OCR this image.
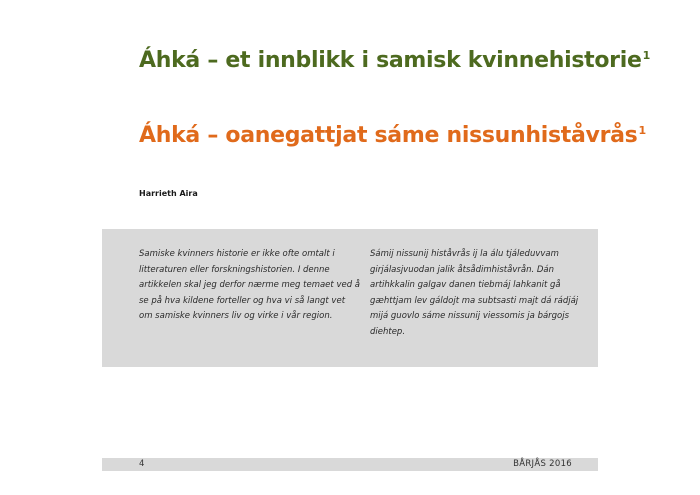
Áhká – et innblikk i samisk kvinnehistorie$^1$
Áhká – oanegattjat sáme nissunhiståvrås$^1$

Harrieth Aira

Samiske kvinners historie er ikke ofte omtalt i litteraturen eller forskningshistorien. I denne artikkelen skal jeg derfor nærme meg temaet ved å se på hva kildene forteller og hva vi så langt vet om samiske kvinners liv og virke i vår region.

Sámij nissunij histåvrås ij la álu tjáleduvvam girjálasjvuodan jalik åtsådimhiståvrån. Dán artihkkalin galgav danen tiebmáj lahkanit gå gæhttjam lev gáldojt ma subtsasti majt dá rádjáj mijá guovlo sáme nissunij viessomis ja bárgojs diehtep.

4	BÅRJÅS 2016
